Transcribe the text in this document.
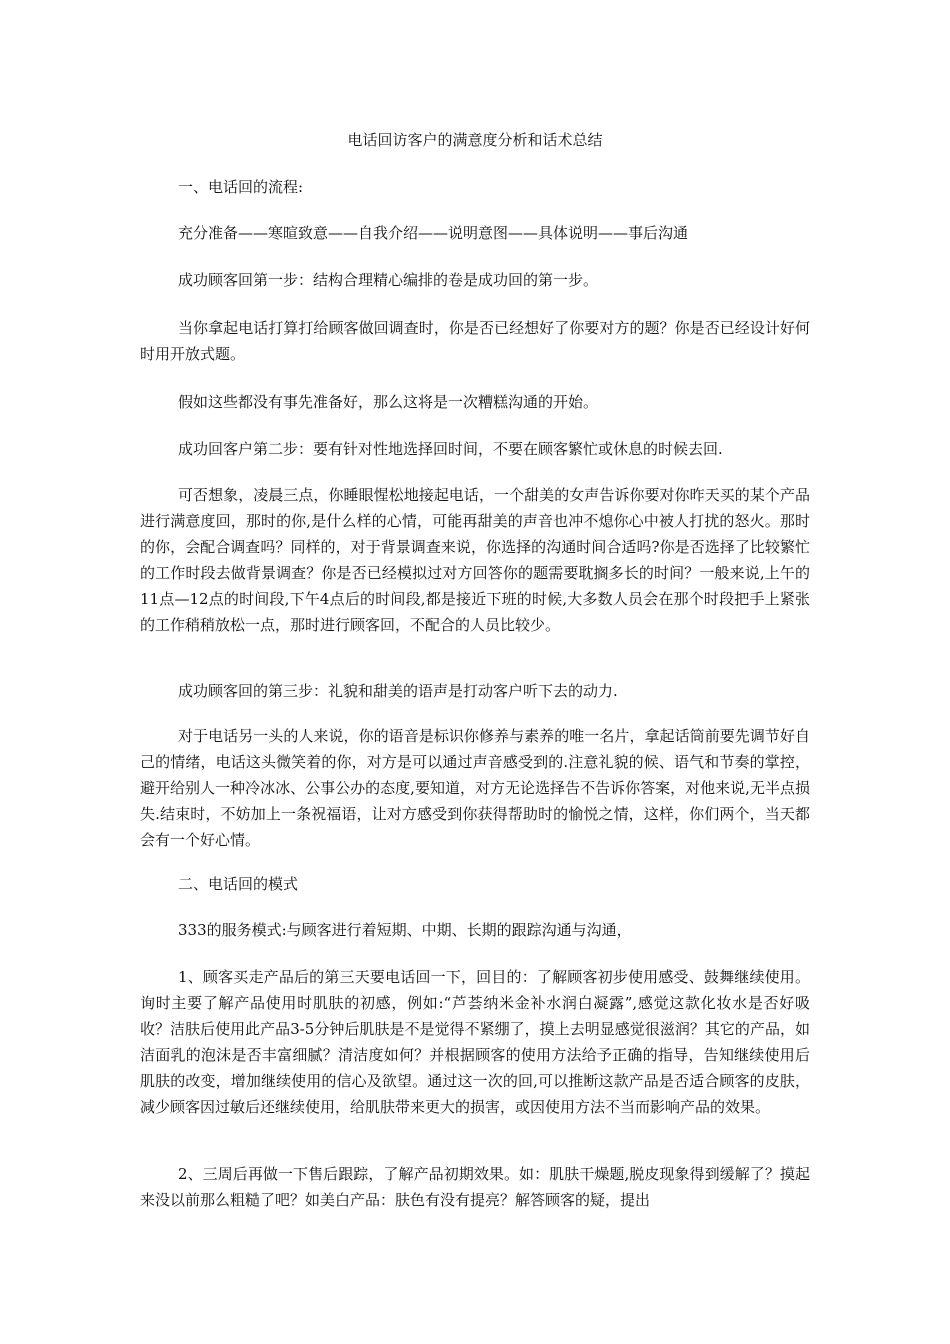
电话回访客户的满意度分析和话术总结

一、电话回的流程:

充分准备——寒暄致意——自我介绍——说明意图——具体说明——事后沟通

成功顾客回第一步：结构合理精心编排的卷是成功回的第一步。

当你拿起电话打算打给顾客做回调查时，你是否已经想好了你要对方的题？你是否已经设计好何时用开放式题。

假如这些都没有事先准备好，那么这将是一次糟糕沟通的开始。

成功回客户第二步：要有针对性地选择回时间，不要在顾客繁忙或休息的时候去回.

可否想象，凌晨三点，你睡眼惺松地接起电话，一个甜美的女声告诉你要对你昨天买的某个产品进行满意度回，那时的你,是什么样的心情，可能再甜美的声音也冲不熄你心中被人打扰的怒火。那时的你，会配合调查吗？同样的，对于背景调查来说，你选择的沟通时间合适吗?你是否选择了比较繁忙的工作时段去做背景调查？你是否已经模拟过对方回答你的题需要耽搁多长的时间？一般来说,上午的11点—12点的时间段,下午4点后的时间段,都是接近下班的时候,大多数人员会在那个时段把手上紧张的工作稍稍放松一点，那时进行顾客回，不配合的人员比较少。

成功顾客回的第三步：礼貌和甜美的语声是打动客户听下去的动力.

对于电话另一头的人来说，你的语音是标识你修养与素养的唯一名片，拿起话筒前要先调节好自己的情绪，电话这头微笑着的你，对方是可以通过声音感受到的.注意礼貌的候、语气和节奏的掌控，避开给别人一种冷冰冰、公事公办的态度,要知道，对方无论选择告不告诉你答案，对他来说,无半点损失.结束时，不妨加上一条祝福语，让对方感受到你获得帮助时的愉悦之情，这样，你们两个，当天都会有一个好心情。

二、电话回的模式

333的服务模式:与顾客进行着短期、中期、长期的跟踪沟通与沟通，

1、顾客买走产品后的第三天要电话回一下，回目的：了解顾客初步使用感受、鼓舞继续使用。询时主要了解产品使用时肌肤的初感，例如:“芦荟纳米金补水润白凝露”,感觉这款化妆水是否好吸收？洁肤后使用此产品3-5分钟后肌肤是不是觉得不紧绷了，摸上去明显感觉很滋润？其它的产品，如洁面乳的泡沫是否丰富细腻？清洁度如何？并根据顾客的使用方法给予正确的指导，告知继续使用后肌肤的改变，增加继续使用的信心及欲望。通过这一次的回,可以推断这款产品是否适合顾客的皮肤，减少顾客因过敏后还继续使用，给肌肤带来更大的损害，或因使用方法不当而影响产品的效果。

2、三周后再做一下售后跟踪，了解产品初期效果。如：肌肤干燥题,脱皮现象得到缓解了？摸起来没以前那么粗糙了吧？如美白产品：肤色有没有提亮？解答顾客的疑，提出
